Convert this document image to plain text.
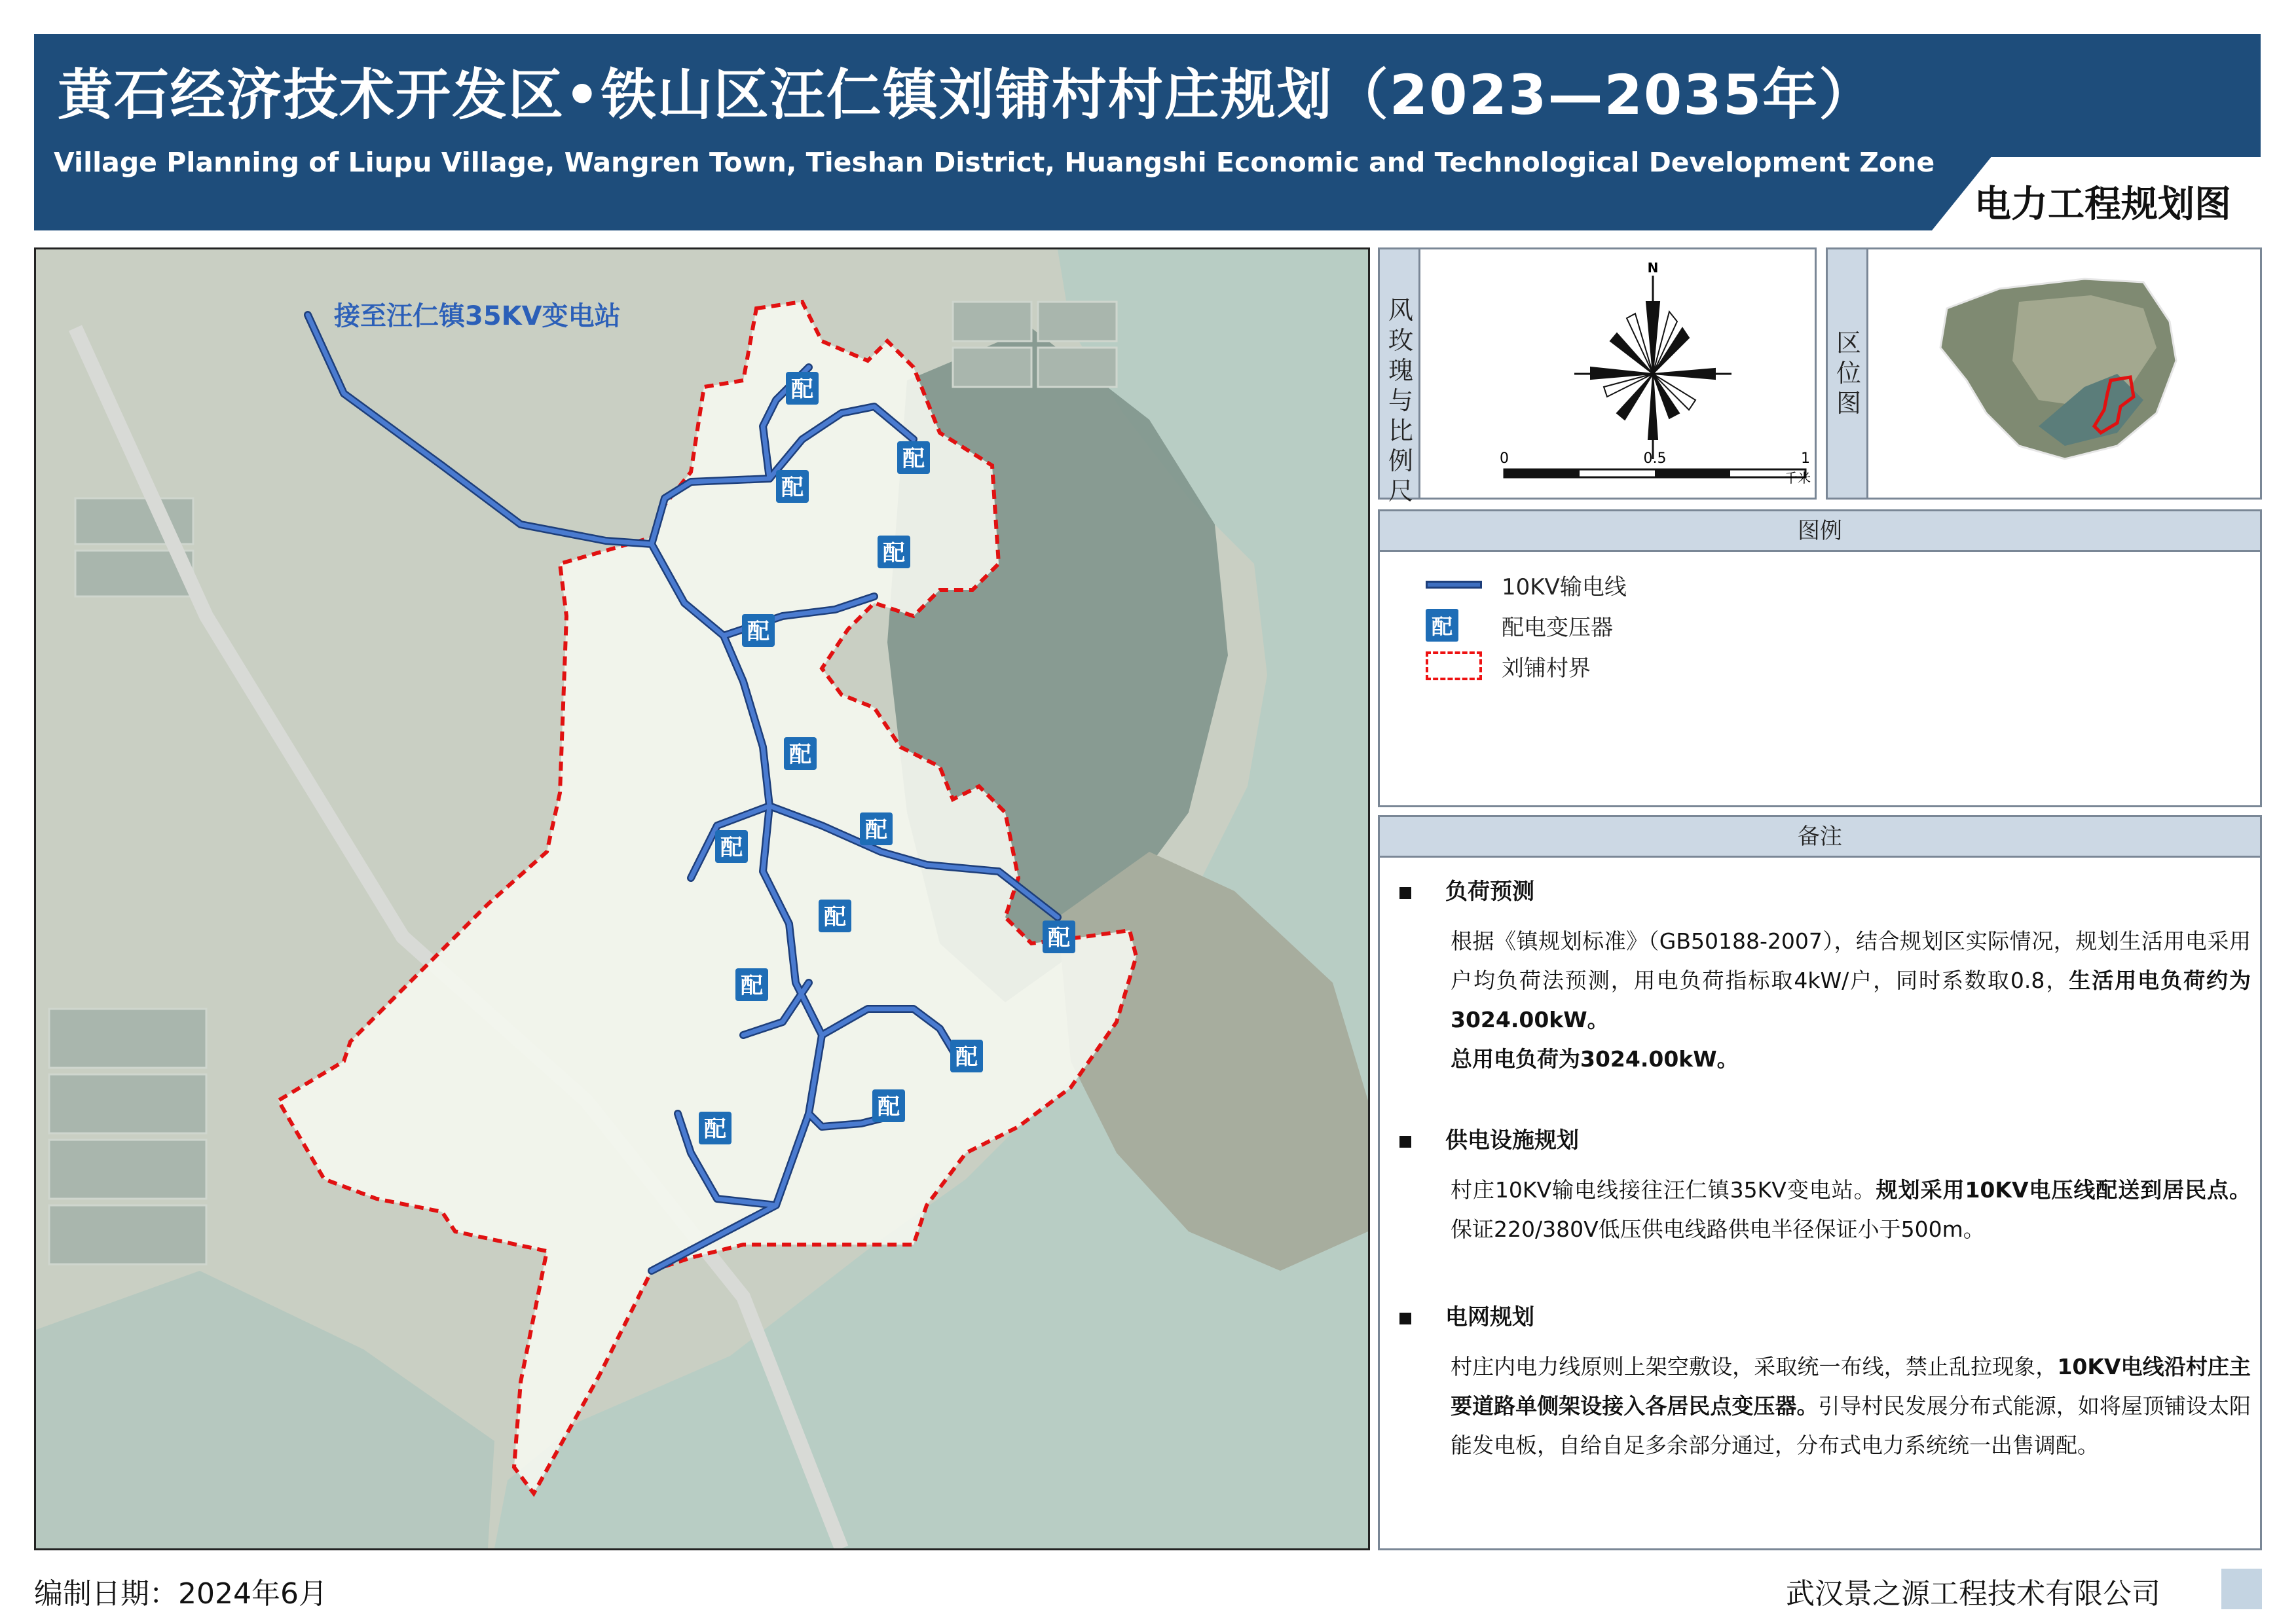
黄石经济技术开发区•铁山区汪仁镇刘铺村村庄规划（2023—2035年）
Village Planning of Liupu Village, Wangren Town, Tieshan District, Huangshi Economic and Technological Development Zone
电力工程规划图
接至汪仁镇35KV变电站
配
配
配
配
配
配
配
配
配
配
配
配
配
配
风玫瑰与比例尺
N
0	0.5	1
千米
区位图
图例
10KV输电线
配 配电变压器
刘铺村界
备注
负荷预测
根据《镇规划标准》（GB50188-2007），结合规划区实际情况，规划生活用电采用户均负荷法预测，用电负荷指标取4kW/户，同时系数取0.8，生活用电负荷约为3024.00kW。
总用电负荷为3024.00kW。
供电设施规划
村庄10KV输电线接往汪仁镇35KV变电站。规划采用10KV电压线配送到居民点。保证220/380V低压供电线路供电半径保证小于500m。
电网规划
村庄内电力线原则上架空敷设，采取统一布线，禁止乱拉现象，10KV电线沿村庄主要道路单侧架设接入各居民点变压器。引导村民发展分布式能源，如将屋顶铺设太阳能发电板，自给自足多余部分通过，分布式电力系统统一出售调配。
编制日期：2024年6月	武汉景之源工程技术有限公司
